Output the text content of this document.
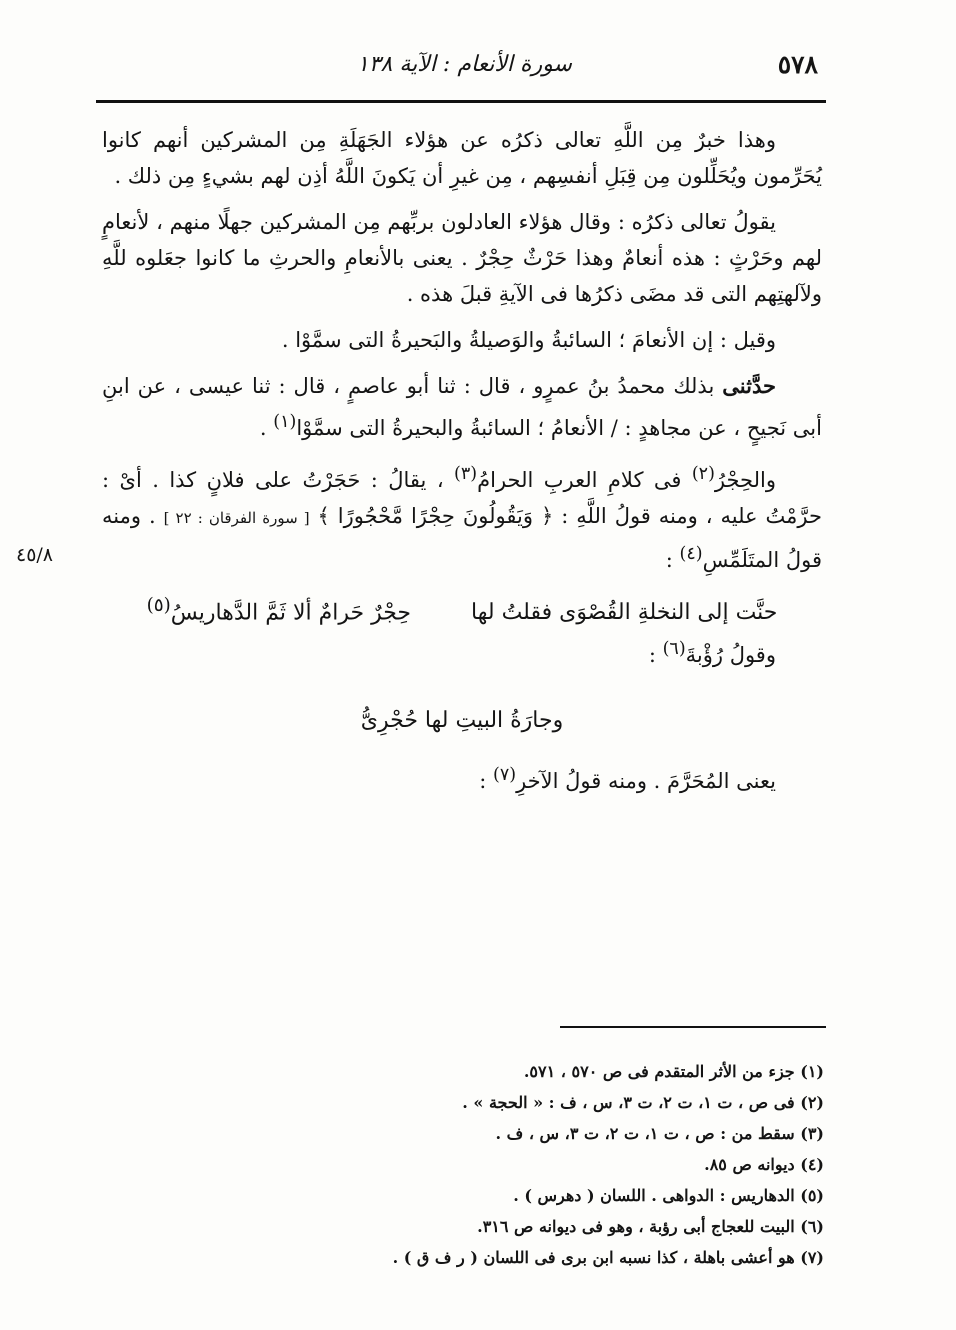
٥٧٨
سورة الأنعام : الآية ١٣٨
٤٥/٨

وهذا خبرٌ مِن اللَّهِ تعالى ذكرُه عن هؤلاء الجَهَلَةِ مِن المشركين أنهم كانوا يُحَرِّمون ويُحَلِّلون مِن قِبَلِ أنفسِهم ، مِن غيرِ أن يَكونَ اللَّهُ أذِن لهم بشيءٍ مِن ذلك .

يقولُ تعالى ذكرُه : وقال هؤلاء العادلون بربِّهم مِن المشركين جهلًا منهم ، لأنعامٍ لهم وحَرْثٍ : هذه أنعامٌ وهذا حَرْثٌ حِجْرٌ . يعنى بالأنعامِ والحرثِ ما كانوا جعَلوه للَّهِ ولآلهتِهم التى قد مضَى ذكرُها فى الآيةِ قبلَ هذه .

وقيل : إن الأنعامَ ؛ السائبةُ والوَصيلةُ والبَحيرةُ التى سمَّوْا .

حدَّثنى بذلك محمدُ بنُ عمرٍو ، قال : ثنا أبو عاصمٍ ، قال : ثنا عيسى ، عن ابنِ أبى نَجيحٍ ، عن مجاهدٍ : / الأنعامُ ؛ السائبةُ والبحيرةُ التى سمَّوْا$^{(١)}$ .

والحِجْرُ$^{(٢)}$ فى كلامِ العربِ الحرامُ$^{(٣)}$ ، يقالُ : حَجَرْتُ على فلانٍ كذا . أىْ : حرَّمْتُ عليه ، ومنه قولُ اللَّهِ : ﴿ وَيَقُولُونَ حِجْرًا مَّحْجُورًا ﴾ [ سورة الفرقان : ٢٢ ] . ومنه قولُ المتَلَمِّسِ$^{(٤)}$ :

حنَّت إلى النخلةِ القُصْوَى فقلتُ لهاحِجْرٌ حَرامٌ ألا ثَمَّ الدَّهاريسُ$^{(٥)}$

وقولُ رُؤْبةَ$^{(٦)}$ :

وجارَةُ البيتِ لها حُجْرِىُّ

يعنى المُحَرَّمَ . ومنه قولُ الآخرِ$^{(٧)}$ :

(١) جزء من الأثر المتقدم فى ص ٥٧٠ ، ٥٧١.
(٢) فى ص ، ت ١، ت ٢، ت ٣، س ، ف : « الحجة » .
(٣) سقط من : ص ، ت ١، ت ٢، ت ٣، س ، ف .
(٤) ديوانه ص ٨٥.
(٥) الدهاريس : الدواهى . اللسان ( دهرس ) .
(٦) البيت للعجاج أبى رؤبة ، وهو فى ديوانه ص ٣١٦.
(٧) هو أعشى باهلة ، كذا نسبه ابن برى فى اللسان ( ر ف ق ) .
